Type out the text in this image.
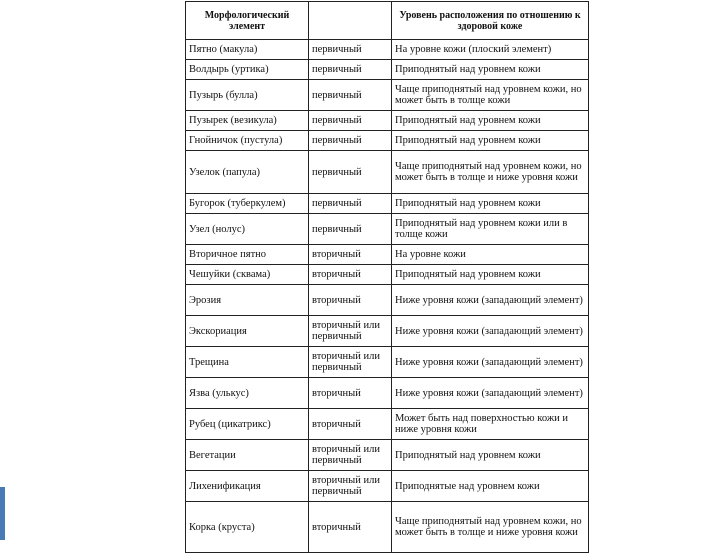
Морфологический элемент		Уровень расположения по отношению к здоровой коже
Пятно (макула)	первичный	На уровне кожи (плоский элемент)
Волдырь (уртика)	первичный	Приподнятый над уровнем кожи
Пузырь (булла)	первичный	Чаще приподнятый над уровнем кожи, но может быть в толще кожи
Пузырек (везикула)	первичный	Приподнятый над уровнем кожи
Гнойничок (пустула)	первичный	Приподнятый над уровнем кожи
Узелок (папула)	первичный	Чаще приподнятый над уровнем кожи, но может быть в толще и ниже уровня кожи
Бугорок (туберкулем)	первичный	Приподнятый над уровнем кожи
Узел (нолус)	первичный	Приподнятый над уровнем кожи или в толще кожи
Вторичное пятно	вторичный	На уровне кожи
Чешуйки (сквама)	вторичный	Приподнятый над уровнем кожи
Эрозия	вторичный	Ниже уровня кожи (западающий элемент)
Экскориация	вторичный или первичный	Ниже уровня кожи (западающий элемент)
Трещина	вторичный или первичный	Ниже уровня кожи (западающий элемент)
Язва (улькус)	вторичный	Ниже уровня кожи (западающий элемент)
Рубец (цикатрикс)	вторичный	Может быть над поверхностью кожи и ниже уровня кожи
Вегетации	вторичный или первичный	Приподнятый над уровнем кожи
Лихенификация	вторичный или первичный	Приподнятые над уровнем кожи
Корка (круста)	вторичный	Чаще приподнятый над уровнем кожи, но может быть в толще и ниже уровня кожи
